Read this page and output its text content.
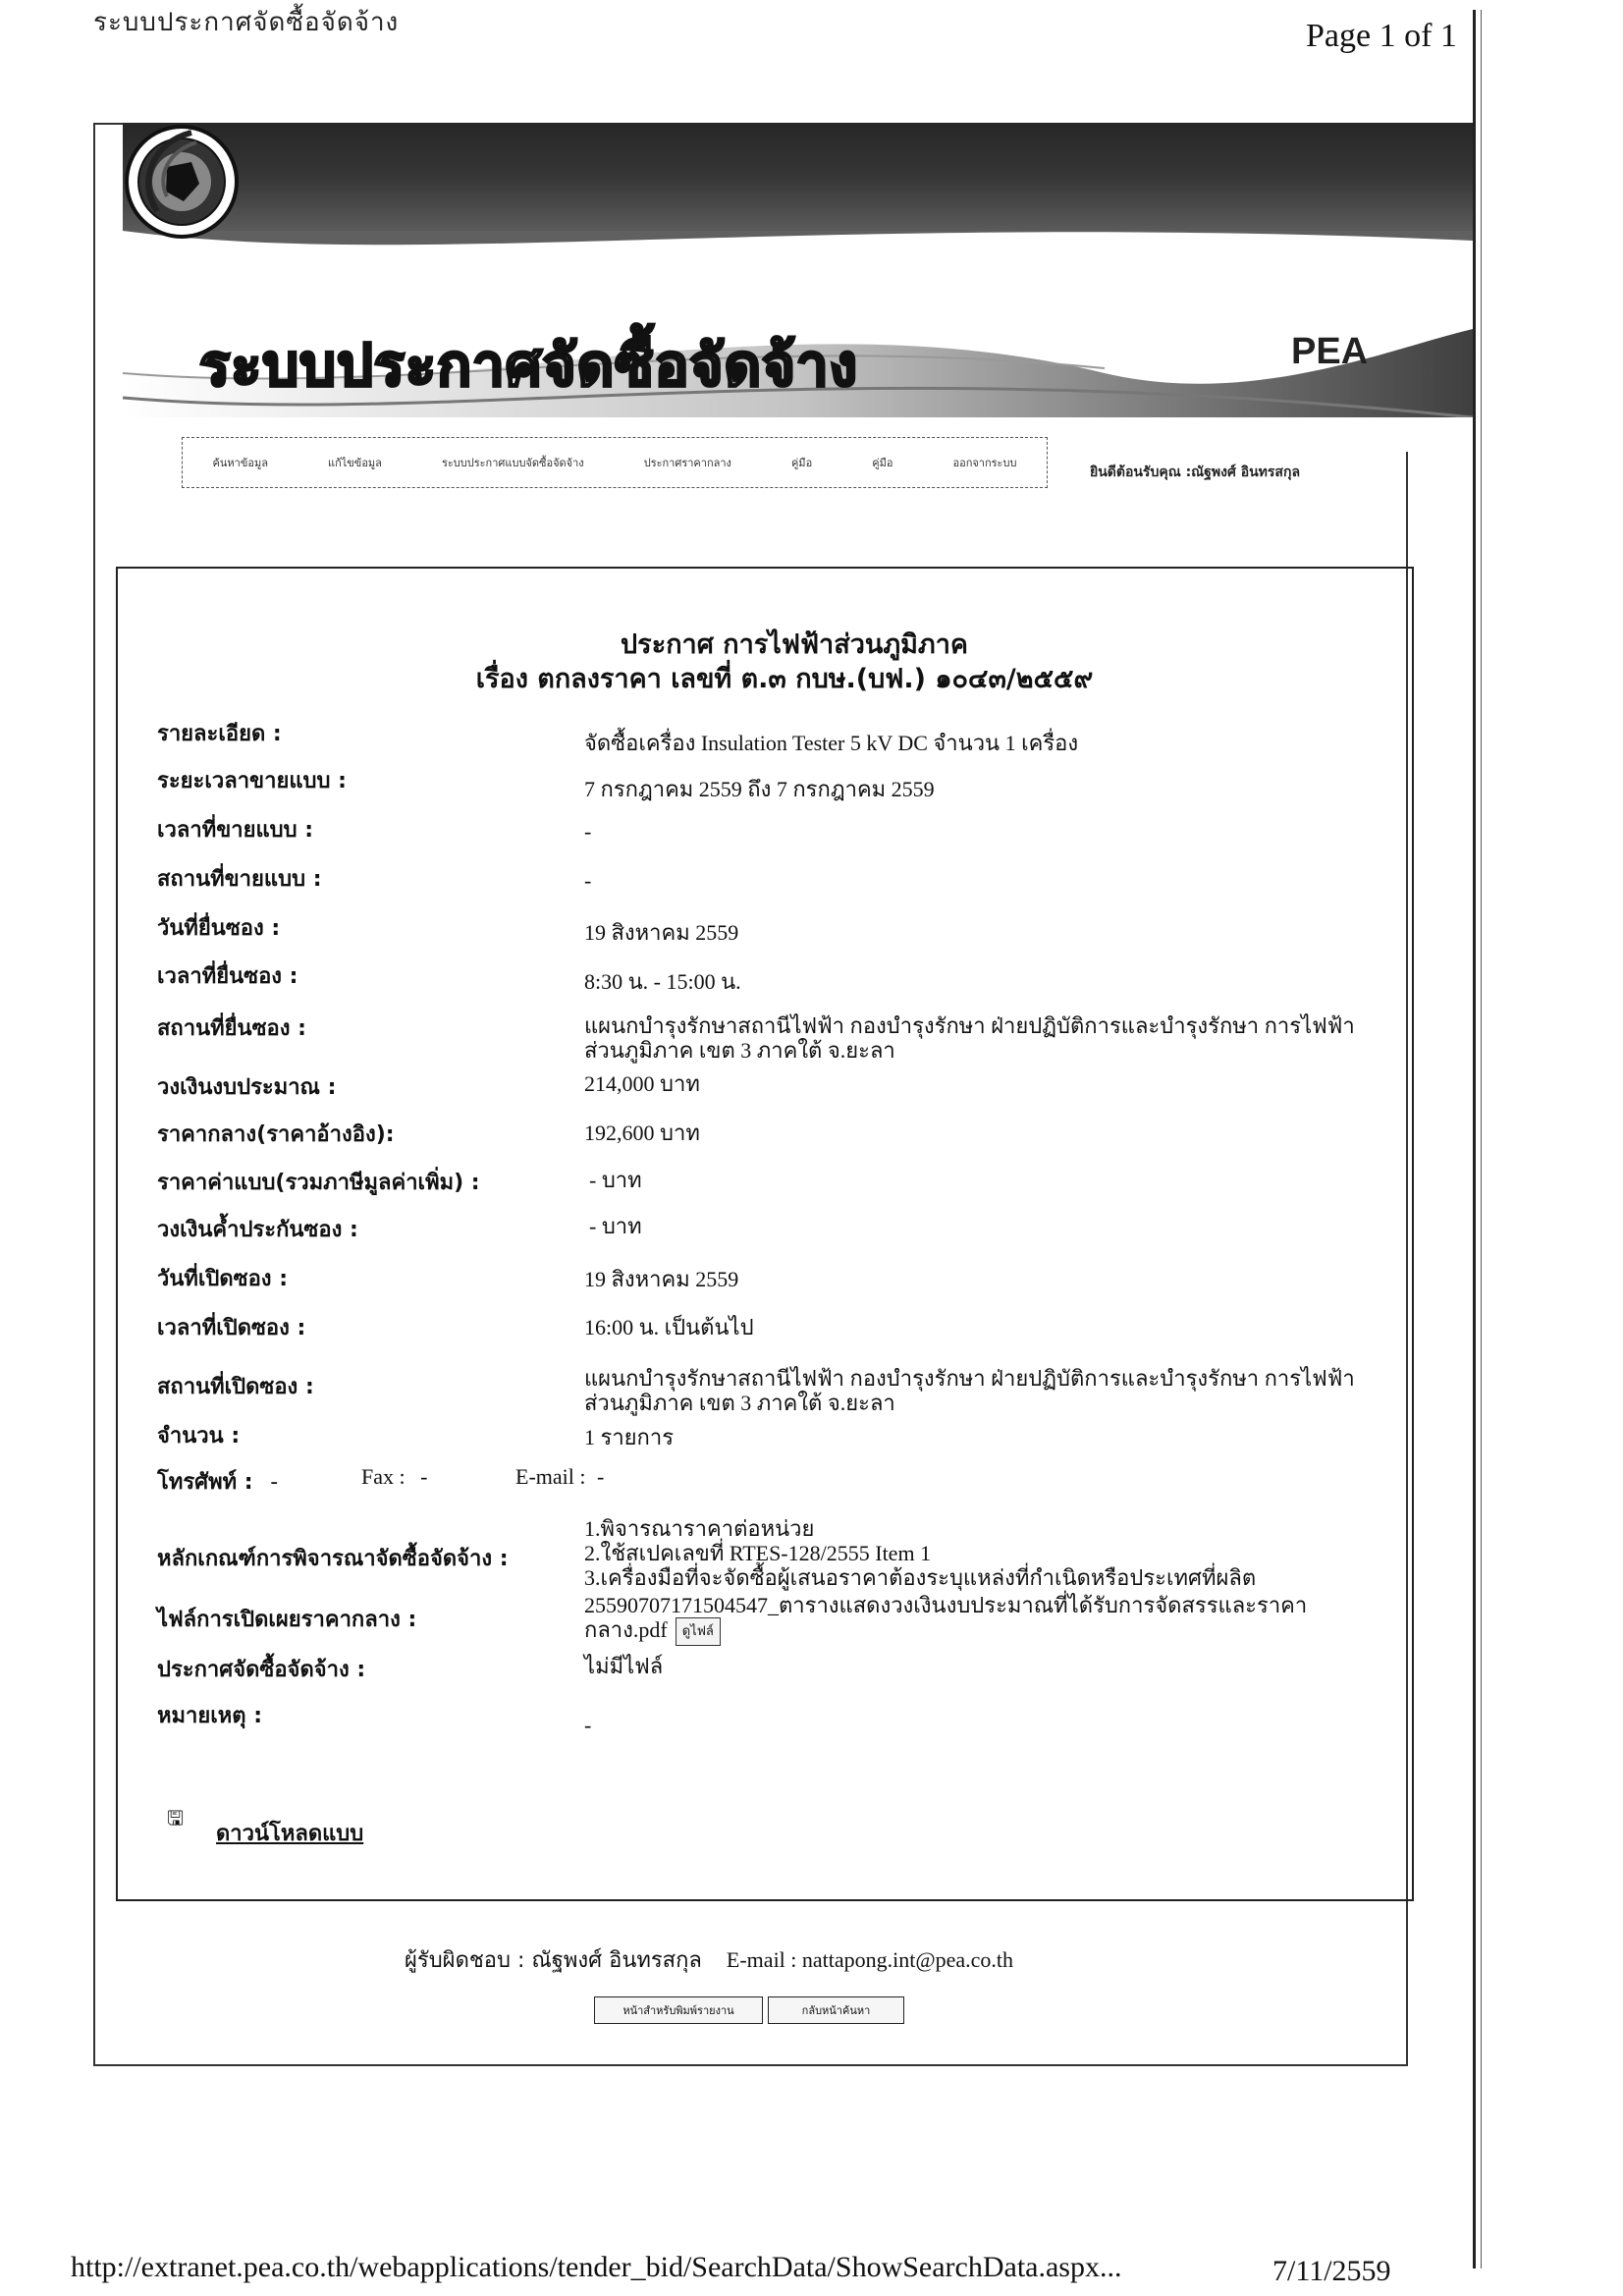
ระบบประกาศจัดซื้อจัดจ้าง	Page 1 of 1
ระบบประกาศจัดซื้อจัดจ้าง	PEA
ค้นหาข้อมูล	แก้ไขข้อมูล	ระบบประกาศแบบจัดซื้อจัดจ้าง	ประกาศราคากลาง	คู่มือ	คู่มือ	ออกจากระบบ
ยินดีต้อนรับคุณ :ณัฐพงศ์ อินทรสกุล
ประกาศ การไฟฟ้าส่วนภูมิภาค
เรื่อง ตกลงราคา เลขที่ ต.๓ กบษ.(บฟ.) ๑๐๔๓/๒๕๕๙
รายละเอียด :	จัดซื้อเครื่อง Insulation Tester 5 kV DC จำนวน 1 เครื่อง
ระยะเวลาขายแบบ :	7 กรกฎาคม 2559 ถึง 7 กรกฎาคม 2559
เวลาที่ขายแบบ :	-
สถานที่ขายแบบ :	-
วันที่ยื่นซอง :	19 สิงหาคม 2559
เวลาที่ยื่นซอง :	8:30 น. - 15:00 น.
สถานที่ยื่นซอง :	แผนกบำรุงรักษาสถานีไฟฟ้า กองบำรุงรักษา ฝ่ายปฏิบัติการและบำรุงรักษา การไฟฟ้าส่วนภูมิภาค เขต 3 ภาคใต้ จ.ยะลา
วงเงินงบประมาณ :	214,000 บาท
ราคากลาง(ราคาอ้างอิง):	192,600 บาท
ราคาค่าแบบ(รวมภาษีมูลค่าเพิ่ม) :	- บาท
วงเงินค้ำประกันซอง :	- บาท
วันที่เปิดซอง :	19 สิงหาคม 2559
เวลาที่เปิดซอง :	16:00 น. เป็นต้นไป
สถานที่เปิดซอง :	แผนกบำรุงรักษาสถานีไฟฟ้า กองบำรุงรักษา ฝ่ายปฏิบัติการและบำรุงรักษา การไฟฟ้าส่วนภูมิภาค เขต 3 ภาคใต้ จ.ยะลา
จำนวน :	1 รายการ
โทรศัพท์ : -	Fax : -	E-mail : -
หลักเกณฑ์การพิจารณาจัดซื้อจัดจ้าง :
1.พิจารณาราคาต่อหน่วย
2.ใช้สเปคเลขที่ RTES-128/2555 Item 1
3.เครื่องมือที่จะจัดซื้อผู้เสนอราคาต้องระบุแหล่งที่กำเนิดหรือประเทศที่ผลิต
ไฟล์การเปิดเผยราคากลาง :
25590707171504547_ตารางแสดงวงเงินงบประมาณที่ได้รับการจัดสรรและราคากลาง.pdf ดูไฟล์
ประกาศจัดซื้อจัดจ้าง :	ไม่มีไฟล์
หมายเหตุ :	-
🖫
ดาวน์โหลดแบบ
ผู้รับผิดชอบ : ณัฐพงศ์ อินทรสกุล E-mail : nattapong.int@pea.co.th
หน้าสำหรับพิมพ์รายงาน	กลับหน้าค้นหา
http://extranet.pea.co.th/webapplications/tender_bid/SearchData/ShowSearchData.aspx...	7/11/2559
